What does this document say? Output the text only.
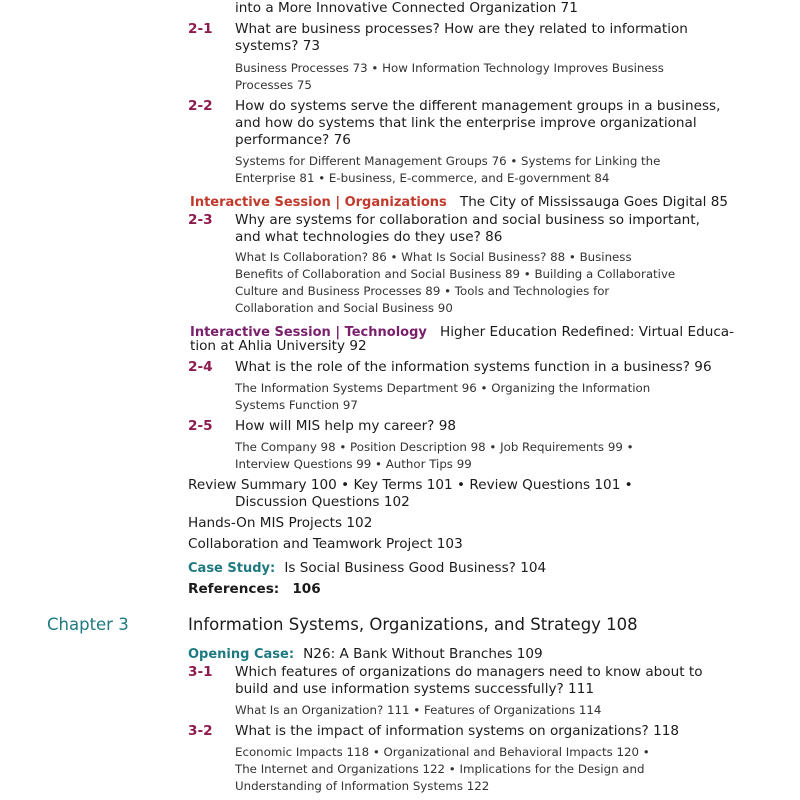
into a More Innovative Connected Organization 71
2-1 What are business processes? How are they related to information
systems? 73
Business Processes 73 • How Information Technology Improves Business
Processes 75
2-2 How do systems serve the different management groups in a business,
and how do systems that link the enterprise improve organizational
performance? 76
Systems for Different Management Groups 76 • Systems for Linking the
Enterprise 81 • E-business, E-commerce, and E-government 84
Interactive Session | Organizations The City of Mississauga Goes Digital 85
2-3 Why are systems for collaboration and social business so important,
and what technologies do they use? 86
What Is Collaboration? 86 • What Is Social Business? 88 • Business
Benefits of Collaboration and Social Business 89 • Building a Collaborative
Culture and Business Processes 89 • Tools and Technologies for
Collaboration and Social Business 90
Interactive Session | Technology Higher Education Redefined: Virtual Educa-
tion at Ahlia University 92
2-4 What is the role of the information systems function in a business? 96
The Information Systems Department 96 • Organizing the Information
Systems Function 97
2-5 How will MIS help my career? 98
The Company 98 • Position Description 98 • Job Requirements 99 •
Interview Questions 99 • Author Tips 99
Review Summary 100 • Key Terms 101 • Review Questions 101 •
Discussion Questions 102
Hands-On MIS Projects 102
Collaboration and Teamwork Project 103
Case Study: Is Social Business Good Business? 104
References: 106
Chapter 3	Information Systems, Organizations, and Strategy 108
Opening Case: N26: A Bank Without Branches 109
3-1 Which features of organizations do managers need to know about to
build and use information systems successfully? 111
What Is an Organization? 111 • Features of Organizations 114
3-2 What is the impact of information systems on organizations? 118
Economic Impacts 118 • Organizational and Behavioral Impacts 120 •
The Internet and Organizations 122 • Implications for the Design and
Understanding of Information Systems 122
